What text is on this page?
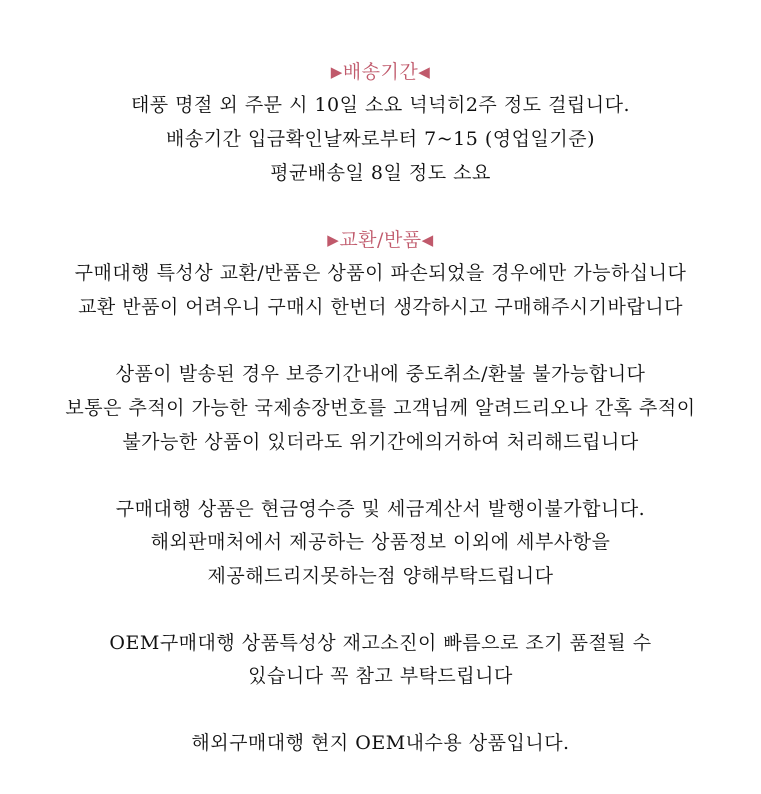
▶배송기간◀
태풍 명절 외 주문 시 10일 소요 넉넉히2주 정도 걸립니다.
배송기간 입금확인날짜로부터 7~15 (영업일기준)
평균배송일 8일 정도 소요
▶교환/반품◀
구매대행 특성상 교환/반품은 상품이 파손되었을 경우에만 가능하십니다
교환 반품이 어려우니 구매시 한번더 생각하시고 구매해주시기바랍니다
상품이 발송된 경우 보증기간내에 중도취소/환불 불가능합니다
보통은 추적이 가능한 국제송장번호를 고객님께 알려드리오나 간혹 추적이
불가능한 상품이 있더라도 위기간에의거하여 처리해드립니다
구매대행 상품은 현금영수증 및 세금계산서 발행이불가합니다.
해외판매처에서 제공하는 상품정보 이외에 세부사항을
제공해드리지못하는점 양해부탁드립니다
OEM구매대행 상품특성상 재고소진이 빠름으로 조기 품절될 수
있습니다 꼭 참고 부탁드립니다
해외구매대행 현지 OEM내수용 상품입니다.
